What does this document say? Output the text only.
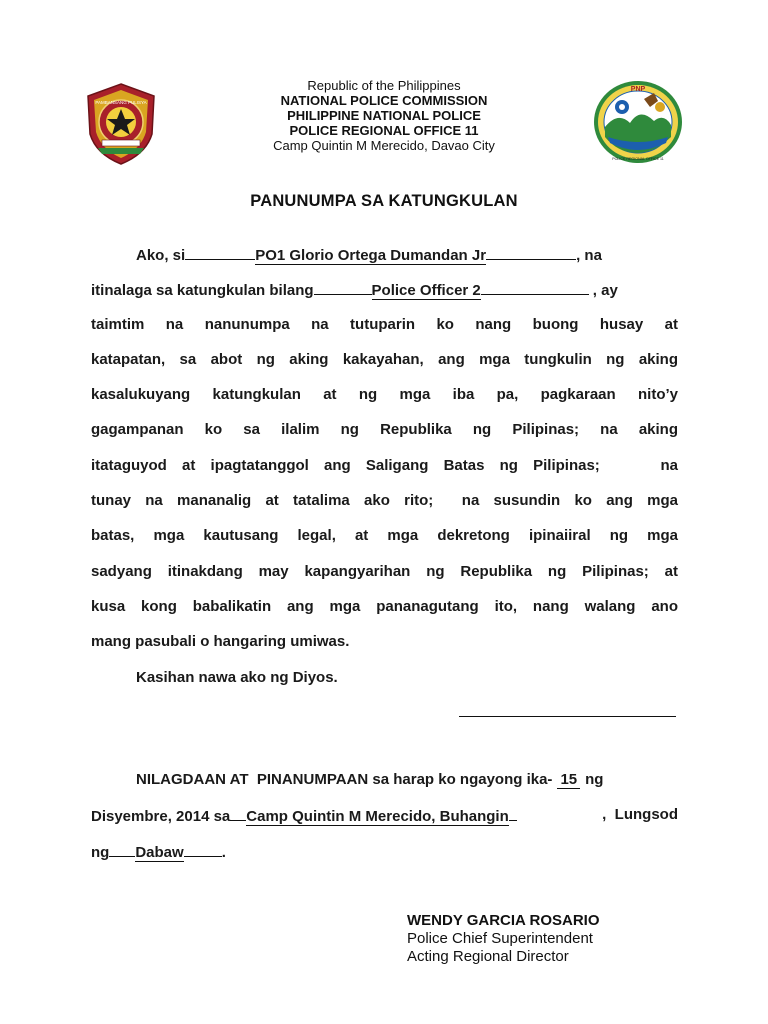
PAMBANSANG PULISYA
PNP
POLICE REGIONAL OFFICE 11
Republic of the Philippines
NATIONAL POLICE COMMISSION
PHILIPPINE NATIONAL POLICE
POLICE REGIONAL OFFICE 11
Camp Quintin M Merecido, Davao City
PANUNUMPA SA KATUNGKULAN
Ako, si	PO1 Glorio Ortega Dumandan Jr	, na
itinalaga sa katungkulan bilang	Police Officer 2	, ay
taimtim na nanunumpa na tutuparin ko nang buong husay at
katapatan, sa abot ng aking kakayahan, ang mga tungkulin ng aking
kasalukuyang katungkulan at ng mga iba pa, pagkaraan nito’y
gagampanan ko sa ilalim ng Republika ng Pilipinas; na aking
itataguyod at ipagtatanggol ang Saligang Batas ng Pilipinas;    na
tunay na mananalig at tatalima ako rito;  na susundin ko ang mga
batas, mga kautusang legal, at mga dekretong ipinaiiral ng mga
sadyang itinakdang may kapangyarihan ng Republika ng Pilipinas; at
kusa kong babalikatin ang mga pananagutang ito, nang walang ano
mang pasubali o hangaring umiwas.
Kasihan nawa ako ng Diyos.
NILAGDAAN AT  PINANUMPAAN sa harap ko ngayong ika- 15 ng
Disyembre, 2014 sa Camp Quintin M Merecido, Buhangin	,  Lungsod
ng Dabaw	.
WENDY GARCIA ROSARIO
Police Chief Superintendent
Acting Regional Director
